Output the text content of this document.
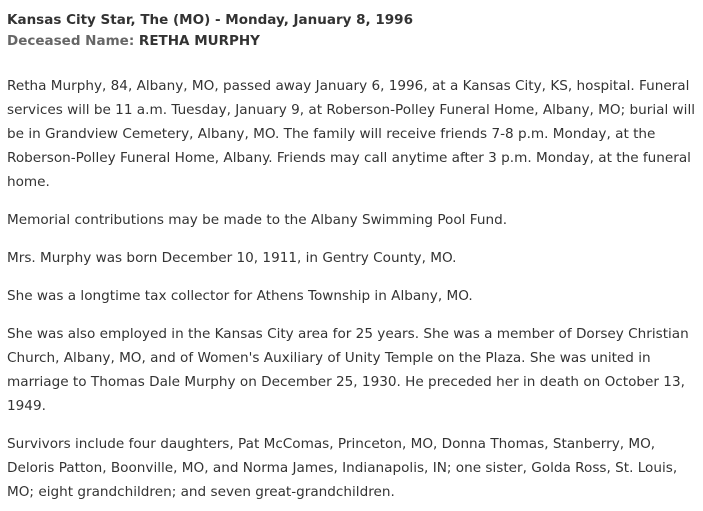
Kansas City Star, The (MO) - Monday, January 8, 1996
Deceased Name: RETHA MURPHY

Retha Murphy, 84, Albany, MO, passed away January 6, 1996, at a Kansas City, KS, hospital. Funeral services will be 11 a.m. Tuesday, January 9, at Roberson-Polley Funeral Home, Albany, MO; burial will be in Grandview Cemetery, Albany, MO. The family will receive friends 7-8 p.m. Monday, at the Roberson-Polley Funeral Home, Albany. Friends may call anytime after 3 p.m. Monday, at the funeral home.

Memorial contributions may be made to the Albany Swimming Pool Fund.

Mrs. Murphy was born December 10, 1911, in Gentry County, MO.

She was a longtime tax collector for Athens Township in Albany, MO.

She was also employed in the Kansas City area for 25 years. She was a member of Dorsey Christian Church, Albany, MO, and of Women's Auxiliary of Unity Temple on the Plaza. She was united in marriage to Thomas Dale Murphy on December 25, 1930. He preceded her in death on October 13, 1949.

Survivors include four daughters, Pat McComas, Princeton, MO, Donna Thomas, Stanberry, MO, Deloris Patton, Boonville, MO, and Norma James, Indianapolis, IN; one sister, Golda Ross, St. Louis, MO; eight grandchildren; and seven great-grandchildren.
